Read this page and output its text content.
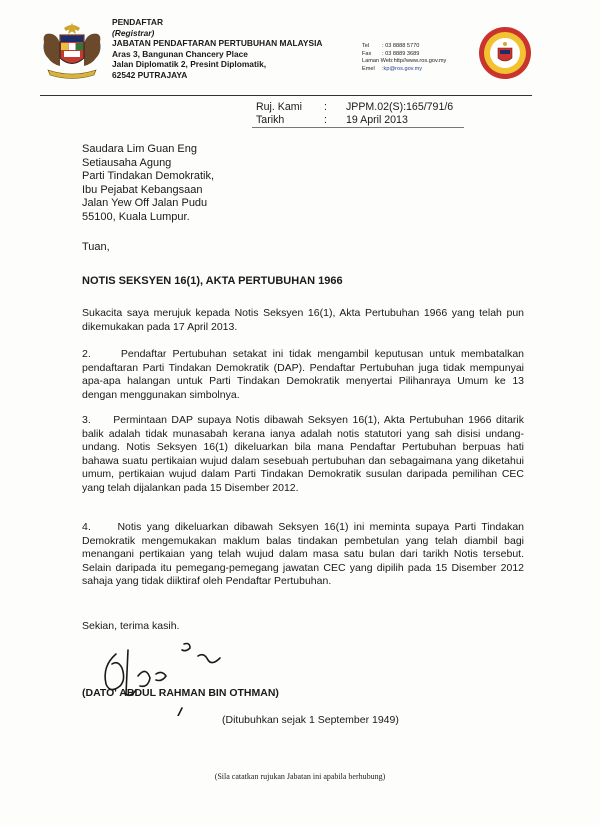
PENDAFTAR
(Registrar)
JABATAN PENDAFTARAN PERTUBUHAN MALAYSIA
Aras 3, Bangunan Chancery Place
Jalan Diplomatik 2, Presint Diplomatik,
62542 PUTRAJAYA
Tel : 03 8888 5770
Fax : 03 8889 3689
Laman Web:http//www.ros.gov.my
Emel :kp@ros.gov.my
Ruj. Kami : JPPM.02(S):165/791/6
Tarikh	: 19 April 2013
Saudara Lim Guan Eng
Setiausaha Agung
Parti Tindakan Demokratik,
Ibu Pejabat Kebangsaan
Jalan Yew Off Jalan Pudu
55100, Kuala Lumpur.
Tuan,
NOTIS SEKSYEN 16(1), AKTA PERTUBUHAN 1966

Sukacita saya merujuk kepada Notis Seksyen 16(1), Akta Pertubuhan 1966 yang telah pun dikemukakan pada 17 April 2013.

2.     Pendaftar Pertubuhan setakat ini tidak mengambil keputusan untuk membatalkan pendaftaran Parti Tindakan Demokratik (DAP). Pendaftar Pertubuhan juga tidak mempunyai apa-apa halangan untuk Parti Tindakan Demokratik menyertai Pilihanraya Umum ke 13 dengan menggunakan simbolnya.

3.     Permintaan DAP supaya Notis dibawah Seksyen 16(1), Akta Pertubuhan 1966 ditarik balik adalah tidak munasabah kerana ianya adalah notis statutori yang sah disisi undang-undang. Notis Seksyen 16(1) dikeluarkan bila mana Pendaftar Pertubuhan berpuas hati bahawa suatu pertikaian wujud dalam sesebuah pertubuhan dan sebagaimana yang diketahui umum, pertikaian wujud dalam Parti Tindakan Demokratik susulan daripada pemilihan CEC yang telah dijalankan pada 15 Disember 2012.

4.     Notis yang dikeluarkan dibawah Seksyen 16(1) ini meminta supaya Parti Tindakan Demokratik mengemukakan maklum balas tindakan pembetulan yang telah diambil bagi menangani pertikaian yang telah wujud dalam masa satu bulan dari tarikh Notis tersebut. Selain daripada itu pemegang-pemegang jawatan CEC yang dipilih pada 15 Disember 2012 sahaja yang tidak diiktiraf oleh Pendaftar Pertubuhan.

Sekian, terima kasih.
(DATO' ABDUL RAHMAN BIN OTHMAN)
(Ditubuhkan sejak 1 September 1949)
(Sila catatkan rujukan Jabatan ini apabila berhubung)
